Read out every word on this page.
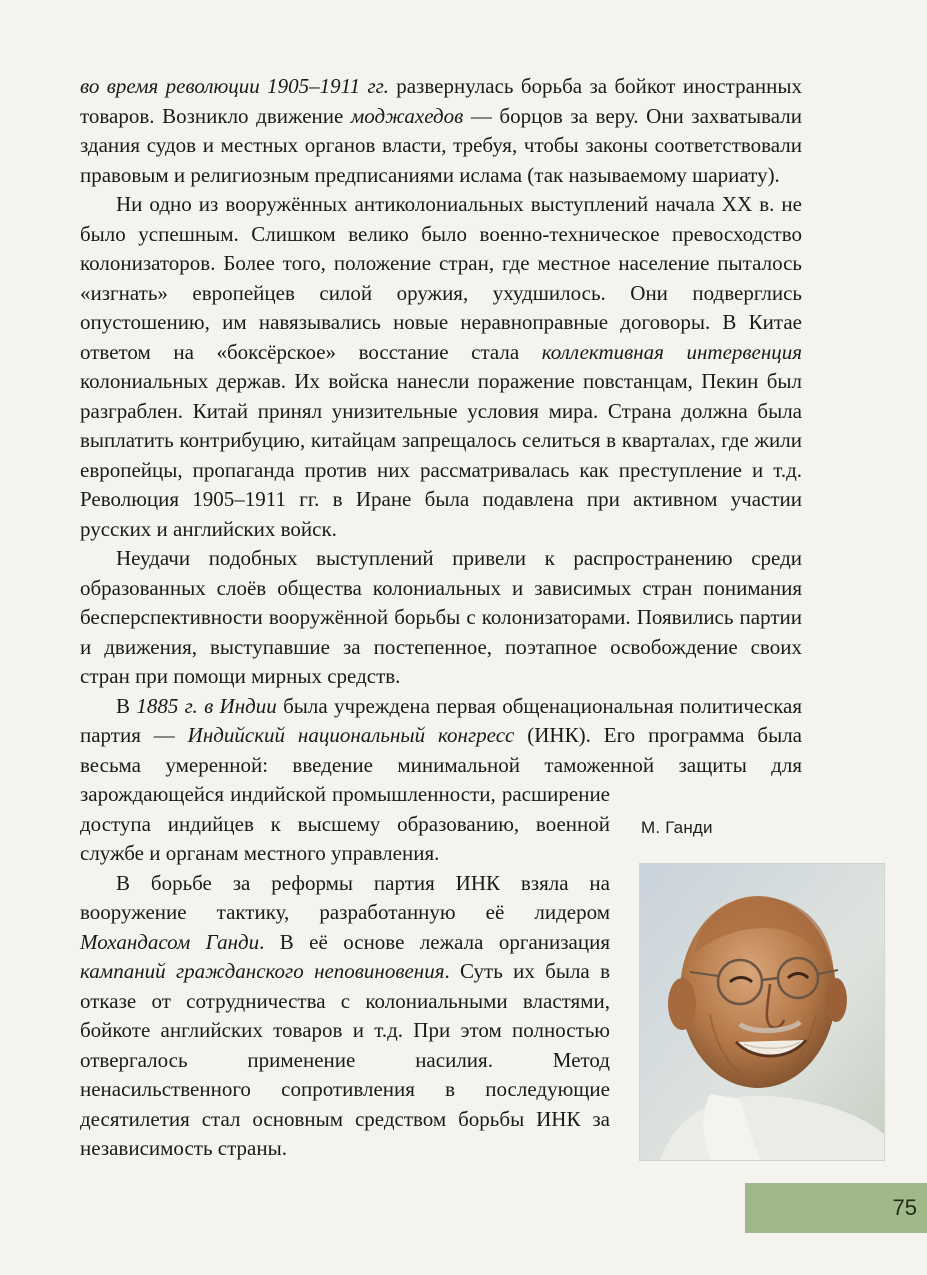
во время революции 1905–1911 гг. развернулась борьба за бойкот иностранных товаров. Возникло движение моджахедов — борцов за веру. Они захватывали здания судов и местных органов власти, требуя, чтобы законы соответствовали правовым и религиозным предписаниями ислама (так называемому шариату).

Ни одно из вооружённых антиколониальных выступлений начала XX в. не было успешным. Слишком велико было военно-техническое превосходство колонизаторов. Более того, положение стран, где местное население пыталось «изгнать» европейцев силой оружия, ухудшилось. Они подверглись опустошению, им навязывались новые неравноправные договоры. В Китае ответом на «боксёрское» восстание стала коллективная интервенция колониальных держав. Их войска нанесли поражение повстанцам, Пекин был разграблен. Китай принял унизительные условия мира. Страна должна была выплатить контрибуцию, китайцам запрещалось селиться в кварталах, где жили европейцы, пропаганда против них рассматривалась как преступление и т.д. Революция 1905–1911 гг. в Иране была подавлена при активном участии русских и английских войск.

Неудачи подобных выступлений привели к распространению среди образованных слоёв общества колониальных и зависимых стран понимания бесперспективности вооружённой борьбы с колонизаторами. Появились партии и движения, выступавшие за постепенное, поэтапное освобождение своих стран при помощи мирных средств.

В 1885 г. в Индии была учреждена первая общенациональная политическая партия — Индийский национальный конгресс (ИНК). Его программа была весьма умеренной: введение минимальной таможенной защиты для зарождающейся индийской промышленности, расширение доступа индийцев к высшему образованию, военной службе и органам местного управления.

В борьбе за реформы партия ИНК взяла на вооружение тактику, разработанную её лидером Мохандасом Ганди. В её основе лежала организация кампаний гражданского неповиновения. Суть их была в отказе от сотрудничества с колониальными властями, бойкоте английских товаров и т.д. При этом полностью отвергалось применение насилия. Метод ненасильственного сопротивления в последующие десятилетия стал основным средством борьбы ИНК за независимость страны.

М. Ганди
75
